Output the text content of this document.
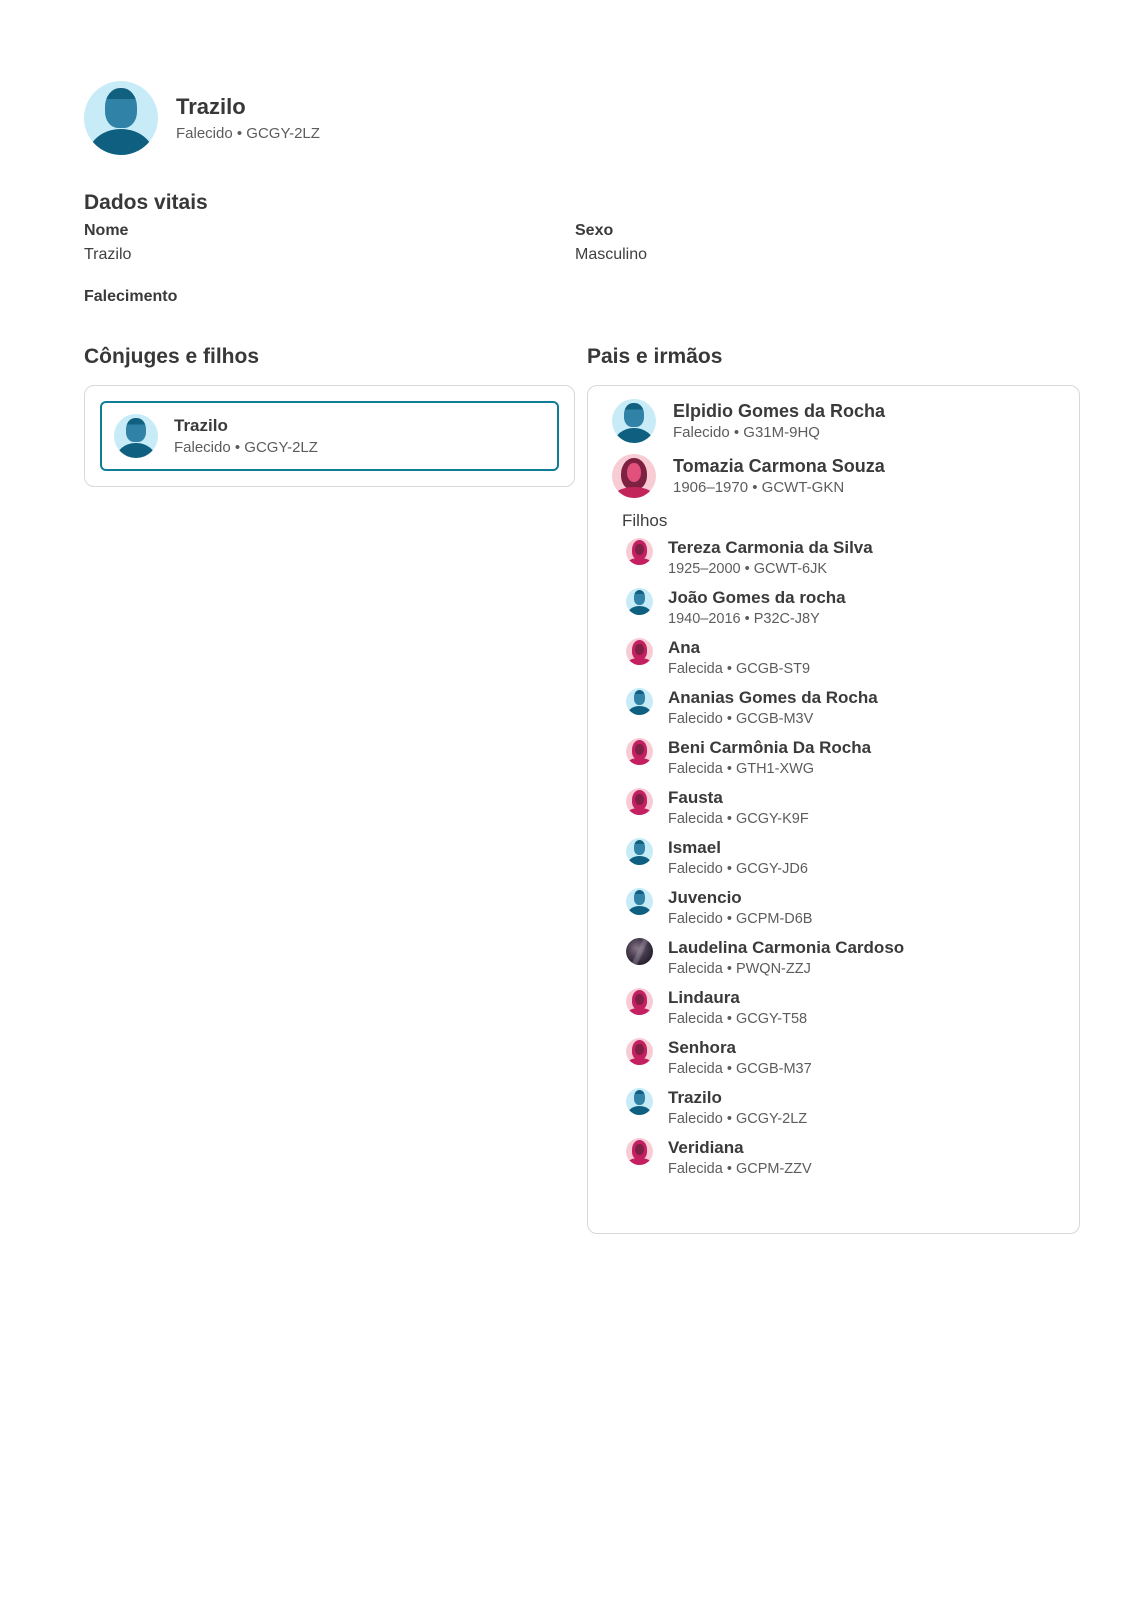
Trazilo
Falecido • GCGY-2LZ
Dados vitais
Nome
Trazilo
Sexo
Masculino
Falecimento
Cônjuges e filhos
Trazilo
Falecido • GCGY-2LZ
Pais e irmãos
Elpidio Gomes da Rocha
Falecido • G31M-9HQ
Tomazia Carmona Souza
1906–1970 • GCWT-GKN
Filhos
Tereza Carmonia da Silva
1925–2000 • GCWT-6JK
João Gomes da rocha
1940–2016 • P32C-J8Y
Ana
Falecida • GCGB-ST9
Ananias Gomes da Rocha
Falecido • GCGB-M3V
Beni Carmônia Da Rocha
Falecida • GTH1-XWG
Fausta
Falecida • GCGY-K9F
Ismael
Falecido • GCGY-JD6
Juvencio
Falecido • GCPM-D6B
Laudelina Carmonia Cardoso
Falecida • PWQN-ZZJ
Lindaura
Falecida • GCGY-T58
Senhora
Falecida • GCGB-M37
Trazilo
Falecido • GCGY-2LZ
Veridiana
Falecida • GCPM-ZZV
